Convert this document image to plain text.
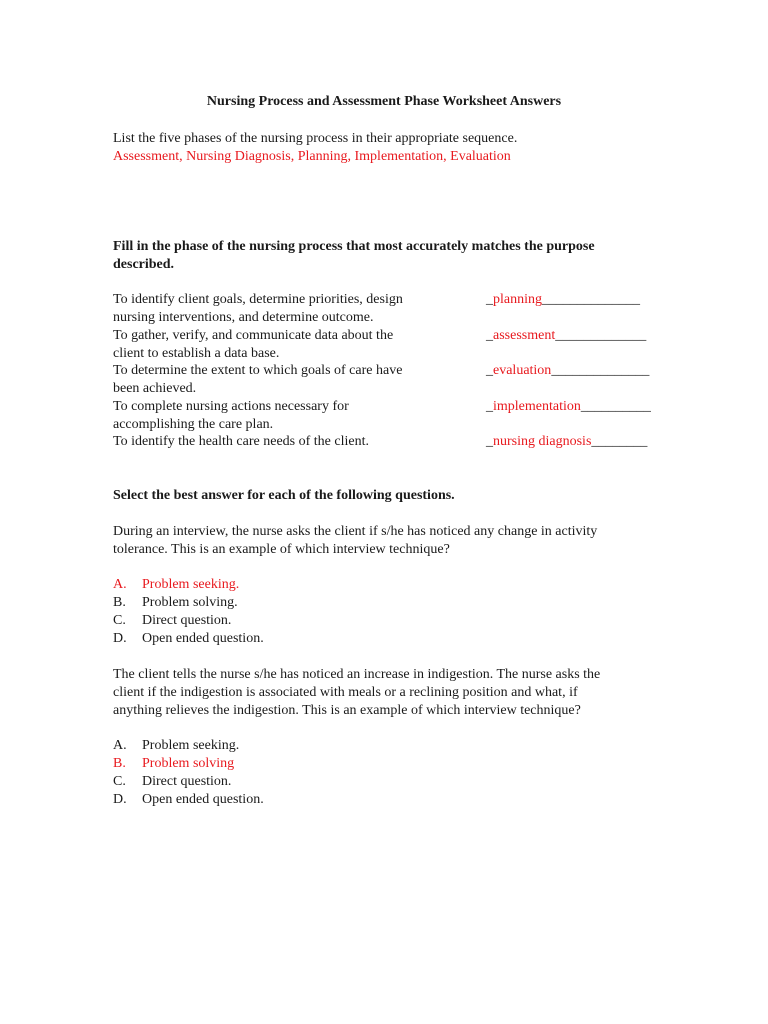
Nursing Process and Assessment Phase Worksheet Answers
List the five phases of the nursing process in their appropriate sequence.
Assessment, Nursing Diagnosis, Planning, Implementation, Evaluation
Fill in the phase of the nursing process that most accurately matches the purpose
described.
To identify client goals, determine priorities, design
nursing interventions, and determine outcome.
_planning______________
To gather, verify, and communicate data about the
client to establish a data base.
_assessment_____________
To determine the extent to which goals of care have
been achieved.
_evaluation______________
To complete nursing actions necessary for
accomplishing the care plan.
_implementation__________
To identify the health care needs of the client.	_nursing diagnosis________
Select the best answer for each of the following questions.
During an interview, the nurse asks the client if s/he has noticed any change in activity
tolerance. This is an example of which interview technique?
A. Problem seeking.
B. Problem solving.
C. Direct question.
D. Open ended question.
The client tells the nurse s/he has noticed an increase in indigestion. The nurse asks the
client if the indigestion is associated with meals or a reclining position and what, if
anything relieves the indigestion. This is an example of which interview technique?
A. Problem seeking.
B. Problem solving
C. Direct question.
D. Open ended question.
